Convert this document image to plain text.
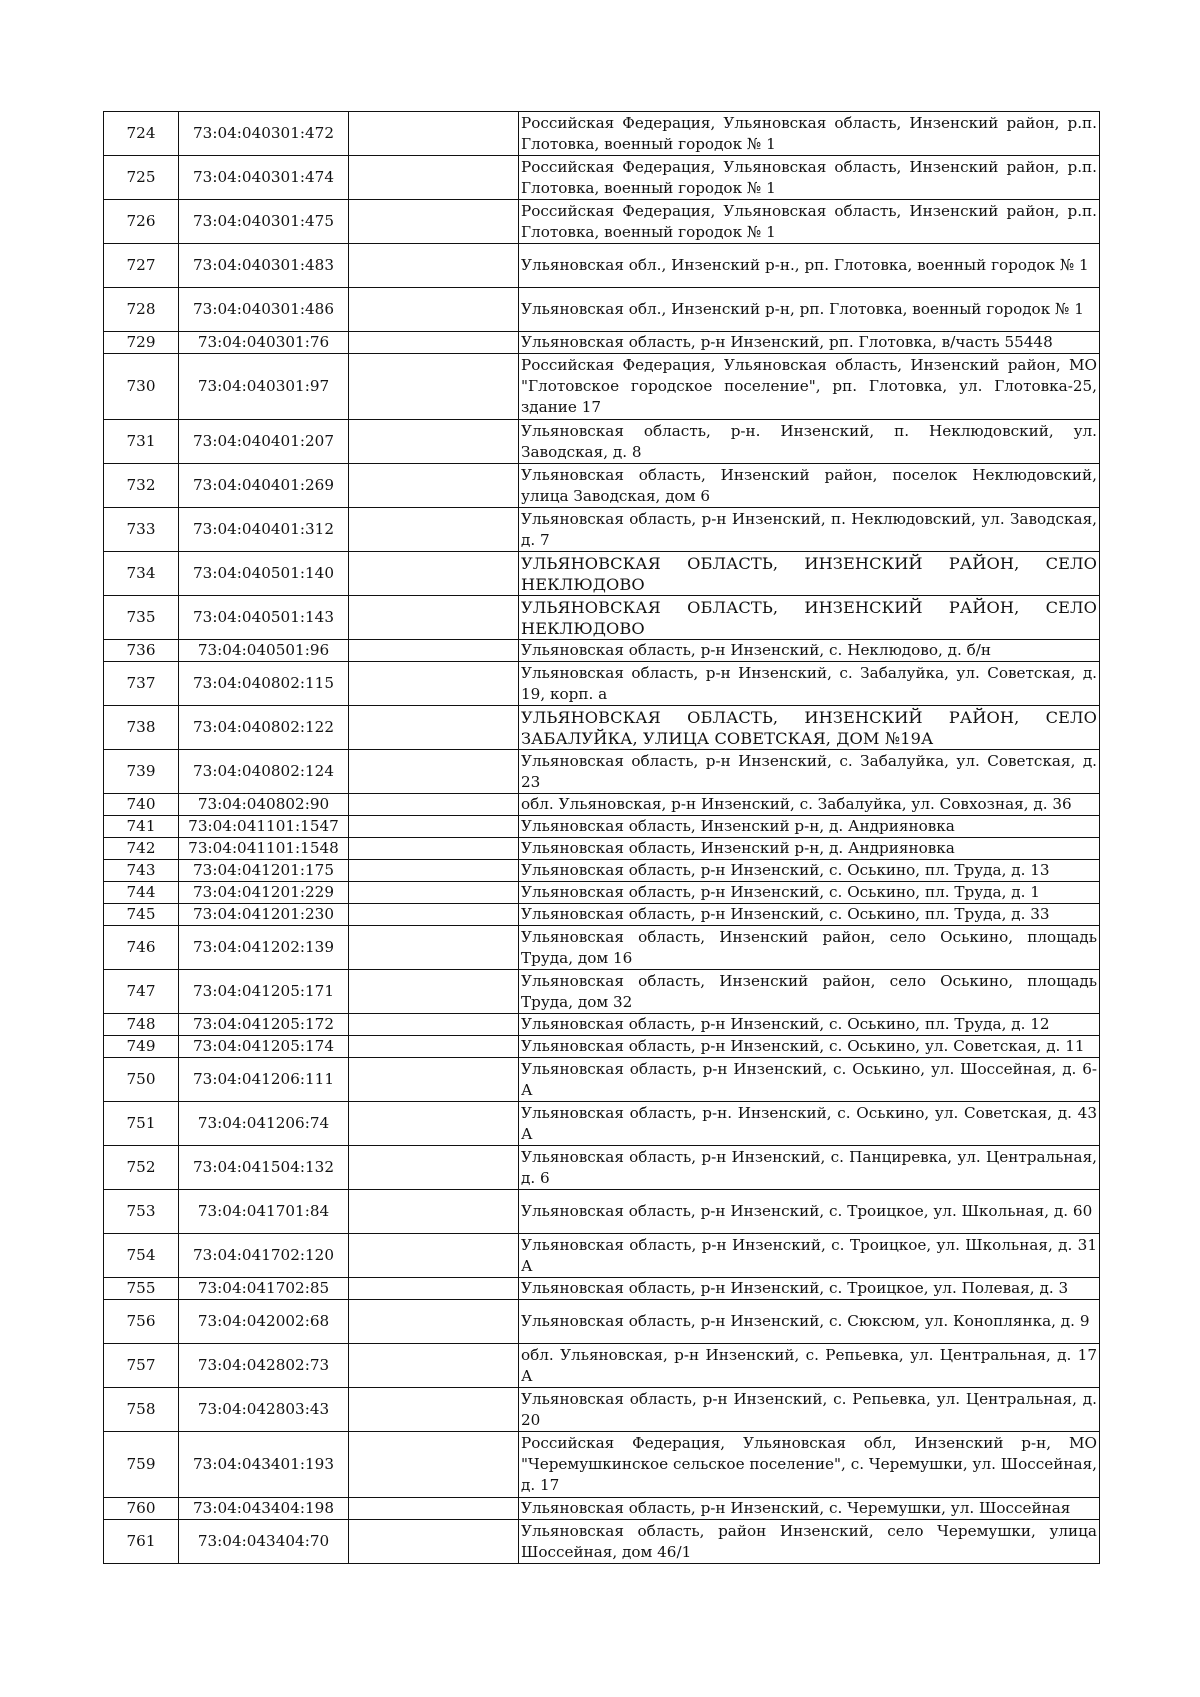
724	73:04:040301:472		Российская Федерация, Ульяновская область, Инзенский район, р.п. Глотовка, военный городок № 1
725	73:04:040301:474		Российская Федерация, Ульяновская область, Инзенский район, р.п. Глотовка, военный городок № 1
726	73:04:040301:475		Российская Федерация, Ульяновская область, Инзенский район, р.п. Глотовка, военный городок № 1
727	73:04:040301:483		Ульяновская обл., Инзенский р-н., рп. Глотовка, военный городок № 1
728	73:04:040301:486		Ульяновская обл., Инзенский р-н, рп. Глотовка, военный городок № 1
729	73:04:040301:76		Ульяновская область, р-н Инзенский, рп. Глотовка, в/часть 55448
730	73:04:040301:97		Российская Федерация, Ульяновская область, Инзенский район, МО "Глотовское городское поселение", рп. Глотовка, ул. Глотовка-25, здание 17
731	73:04:040401:207		Ульяновская область, р-н. Инзенский, п. Неклюдовский, ул. Заводская, д. 8
732	73:04:040401:269		Ульяновская область, Инзенский район, поселок Неклюдовский, улица Заводская, дом 6
733	73:04:040401:312		Ульяновская область, р-н Инзенский, п. Неклюдовский, ул. Заводская, д. 7
734	73:04:040501:140		УЛЬЯНОВСКАЯ ОБЛАСТЬ, ИНЗЕНСКИЙ РАЙОН, СЕЛО НЕКЛЮДОВО
735	73:04:040501:143		УЛЬЯНОВСКАЯ ОБЛАСТЬ, ИНЗЕНСКИЙ РАЙОН, СЕЛО НЕКЛЮДОВО
736	73:04:040501:96		Ульяновская область, р-н Инзенский, с. Неклюдово, д. б/н
737	73:04:040802:115		Ульяновская область, р-н Инзенский, с. Забалуйка, ул. Советская, д. 19, корп. а
738	73:04:040802:122		УЛЬЯНОВСКАЯ ОБЛАСТЬ, ИНЗЕНСКИЙ РАЙОН, СЕЛО ЗАБАЛУЙКА, УЛИЦА СОВЕТСКАЯ, ДОМ №19А
739	73:04:040802:124		Ульяновская область, р-н Инзенский, с. Забалуйка, ул. Советская, д. 23
740	73:04:040802:90		обл. Ульяновская, р-н Инзенский, с. Забалуйка, ул. Совхозная, д. 36
741	73:04:041101:1547		Ульяновская область, Инзенский р-н, д. Андрияновка
742	73:04:041101:1548		Ульяновская область, Инзенский р-н, д. Андрияновка
743	73:04:041201:175		Ульяновская область, р-н Инзенский, с. Оськино, пл. Труда, д. 13
744	73:04:041201:229		Ульяновская область, р-н Инзенский, с. Оськино, пл. Труда, д. 1
745	73:04:041201:230		Ульяновская область, р-н Инзенский, с. Оськино, пл. Труда, д. 33
746	73:04:041202:139		Ульяновская область, Инзенский район, село Оськино, площадь Труда, дом 16
747	73:04:041205:171		Ульяновская область, Инзенский район, село Оськино, площадь Труда, дом 32
748	73:04:041205:172		Ульяновская область, р-н Инзенский, с. Оськино, пл. Труда, д. 12
749	73:04:041205:174		Ульяновская область, р-н Инзенский, с. Оськино, ул. Советская, д. 11
750	73:04:041206:111		Ульяновская область, р-н Инзенский, с. Оськино, ул. Шоссейная, д. 6- А
751	73:04:041206:74		Ульяновская область, р-н. Инзенский, с. Оськино, ул. Советская, д. 43 А
752	73:04:041504:132		Ульяновская область, р-н Инзенский, с. Панциревка, ул. Центральная, д. 6
753	73:04:041701:84		Ульяновская область, р-н Инзенский, с. Троицкое, ул. Школьная, д. 60
754	73:04:041702:120		Ульяновская область, р-н Инзенский, с. Троицкое, ул. Школьная, д. 31 А
755	73:04:041702:85		Ульяновская область, р-н Инзенский, с. Троицкое, ул. Полевая, д. 3
756	73:04:042002:68		Ульяновская область, р-н Инзенский, с. Сюксюм, ул. Коноплянка, д. 9
757	73:04:042802:73		обл. Ульяновская, р-н Инзенский, с. Репьевка, ул. Центральная, д. 17 А
758	73:04:042803:43		Ульяновская область, р-н Инзенский, с. Репьевка, ул. Центральная, д. 20
759	73:04:043401:193		Российская Федерация, Ульяновская обл, Инзенский р-н, МО "Черемушкинское сельское поселение", с. Черемушки, ул. Шоссейная, д. 17
760	73:04:043404:198		Ульяновская область, р-н Инзенский, с. Черемушки, ул. Шоссейная
761	73:04:043404:70		Ульяновская область, район Инзенский, село Черемушки, улица Шоссейная, дом 46/1
